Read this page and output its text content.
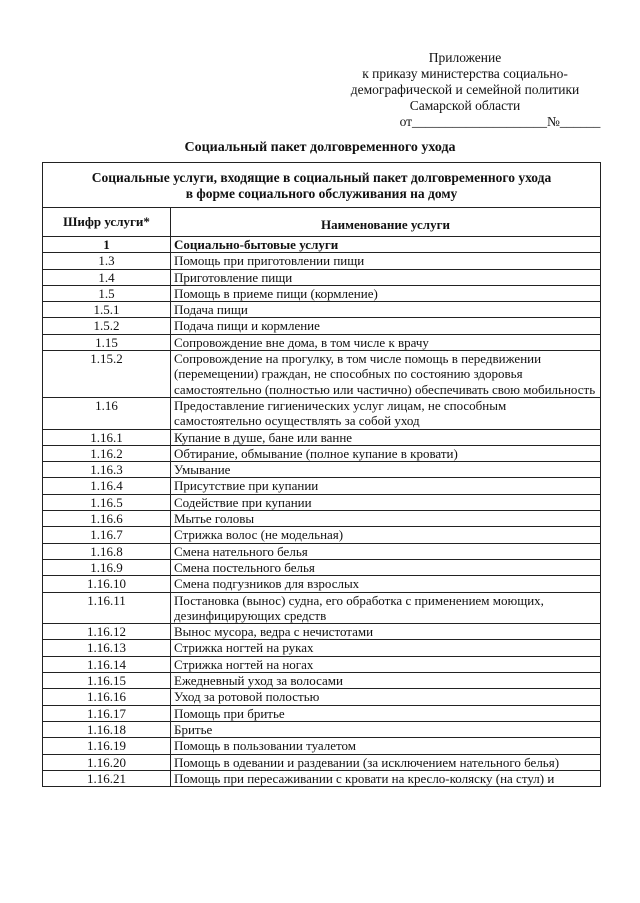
Приложение
к приказу министерства социально-
демографической и семейной политики
Самарской области
от____________________№______
Социальный пакет долговременного ухода
Социальные услуги, входящие в социальный пакет долговременного ухода
в форме социального обслуживания на дому	

Шифр услуги*	Наименование услуги
1	Социально-бытовые услуги
1.3	Помощь при приготовлении пищи
1.4	Приготовление пищи
1.5	Помощь в приеме пищи (кормление)
1.5.1	Подача пищи
1.5.2	Подача пищи и кормление
1.15	Сопровождение вне дома, в том числе к врачу
1.15.2	Сопровождение на прогулку, в том числе помощь в передвижении (перемещении) граждан, не способных по состоянию здоровья самостоятельно (полностью или частично) обеспечивать свою мобильность
1.16	Предоставление гигиенических услуг лицам, не способным самостоятельно осуществлять за собой уход
1.16.1	Купание в душе, бане или ванне
1.16.2	Обтирание, обмывание (полное купание в кровати)
1.16.3	Умывание
1.16.4	Присутствие при купании
1.16.5	Содействие при купании
1.16.6	Мытье головы
1.16.7	Стрижка волос (не модельная)
1.16.8	Смена нательного белья
1.16.9	Смена постельного белья
1.16.10	Смена подгузников для взрослых
1.16.11	Постановка (вынос) судна, его обработка с применением моющих, дезинфицирующих средств
1.16.12	Вынос мусора, ведра с нечистотами
1.16.13	Стрижка ногтей на руках
1.16.14	Стрижка ногтей на ногах
1.16.15	Ежедневный уход за волосами
1.16.16	Уход за ротовой полостью
1.16.17	Помощь при бритье
1.16.18	Бритье
1.16.19	Помощь в пользовании туалетом
1.16.20	Помощь в одевании и раздевании (за исключением нательного белья)
1.16.21	Помощь при пересаживании с кровати на кресло-коляску (на стул) и
